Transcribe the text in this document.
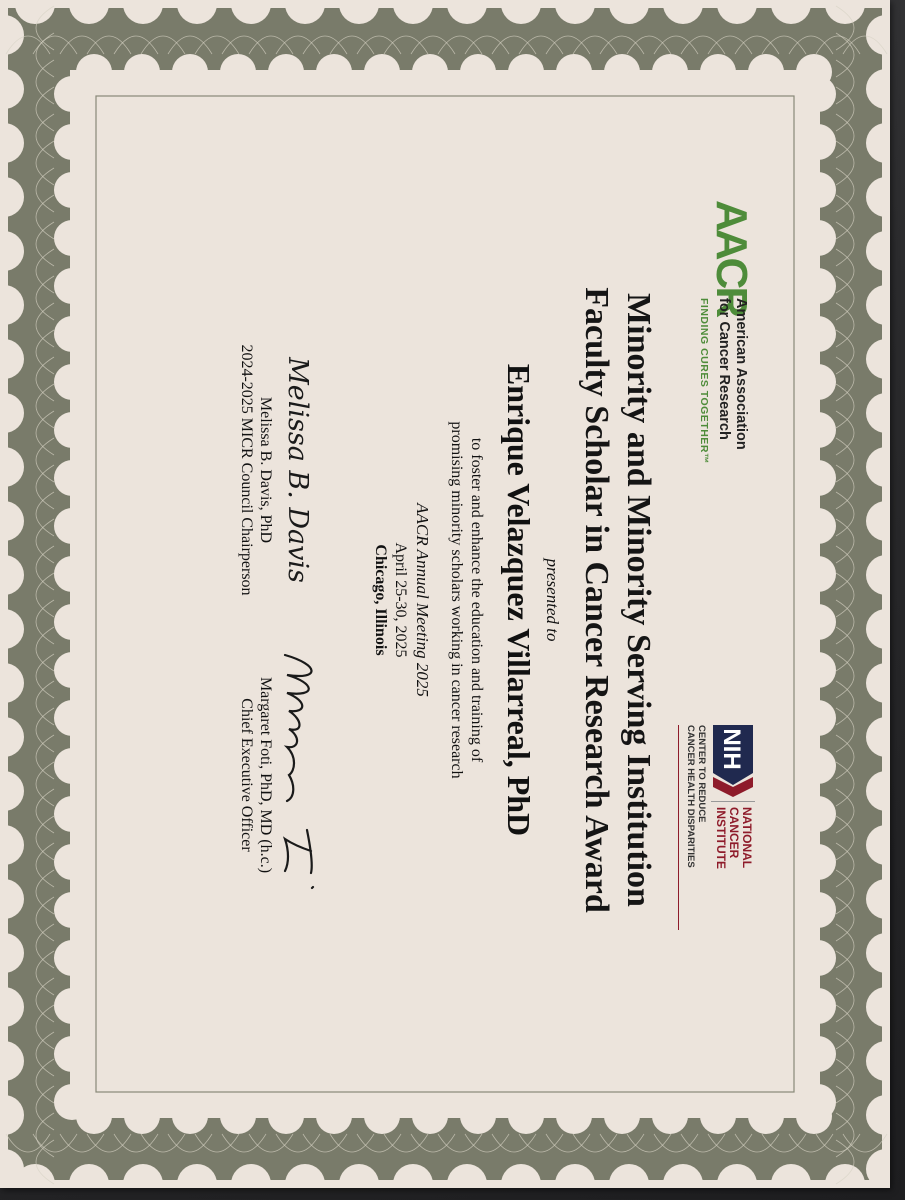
AACR
American Association
for Cancer Research
FINDING CURES TOGETHER™
NIH
NATIONAL
CANCER
INSTITUTE
CENTER TO REDUCE
CANCER HEALTH DISPARITIES
Minority and Minority Serving Institution
Faculty Scholar in Cancer Research Award
presented to
Enrique Velazquez Villarreal, PhD
to foster and enhance the education and training of
promising minority scholars working in cancer research
AACR Annual Meeting 2025
April 25-30, 2025
Chicago, Illinois
Melissa B. Davis
Melissa B. Davis, PhD
2024-2025 MICR Council Chairperson
Margaret Foti, PhD, MD (h.c.)
Chief Executive Officer
